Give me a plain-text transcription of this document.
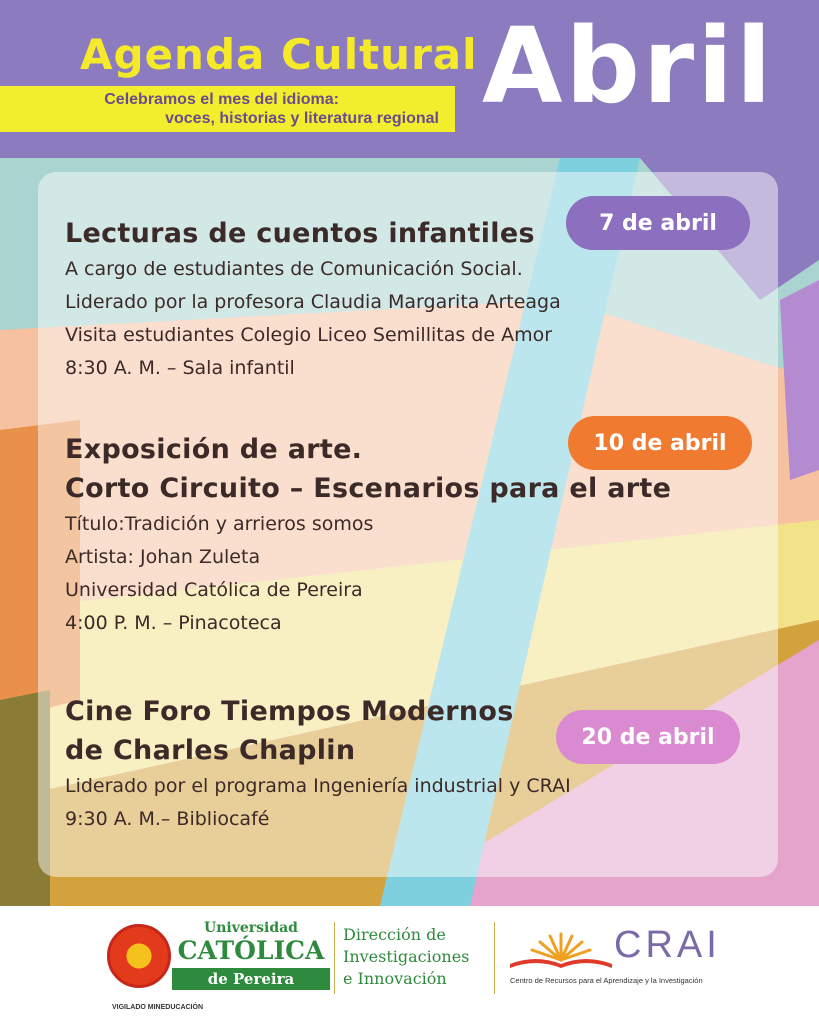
Agenda Cultural
Celebramos el mes del idioma:
voces, historias y literatura regional Abril
Lecturas de cuentos infantiles
A cargo de estudiantes de Comunicación Social.
Liderado por la profesora Claudia Margarita Arteaga
Visita estudiantes Colegio Liceo Semillitas de Amor
8:30 A. M. – Sala infantil
7 de abril
Exposición de arte.
Corto Circuito – Escenarios para el arte
Título:Tradición y arrieros somos
Artista: Johan Zuleta
Universidad Católica de Pereira
4:00 P. M. – Pinacoteca
10 de abril
Cine Foro Tiempos Modernos
de Charles Chaplin
Liderado por el programa Ingeniería industrial y CRAI
9:30 A. M.– Bibliocafé
20 de abril
Universidad
CATÓLICA
de Pereira
VIGILADO MINEDUCACIÓN
Dirección de
Investigaciones
e Innovación
CRAI
Centro de Recursos para el Aprendizaje y la Investigación
